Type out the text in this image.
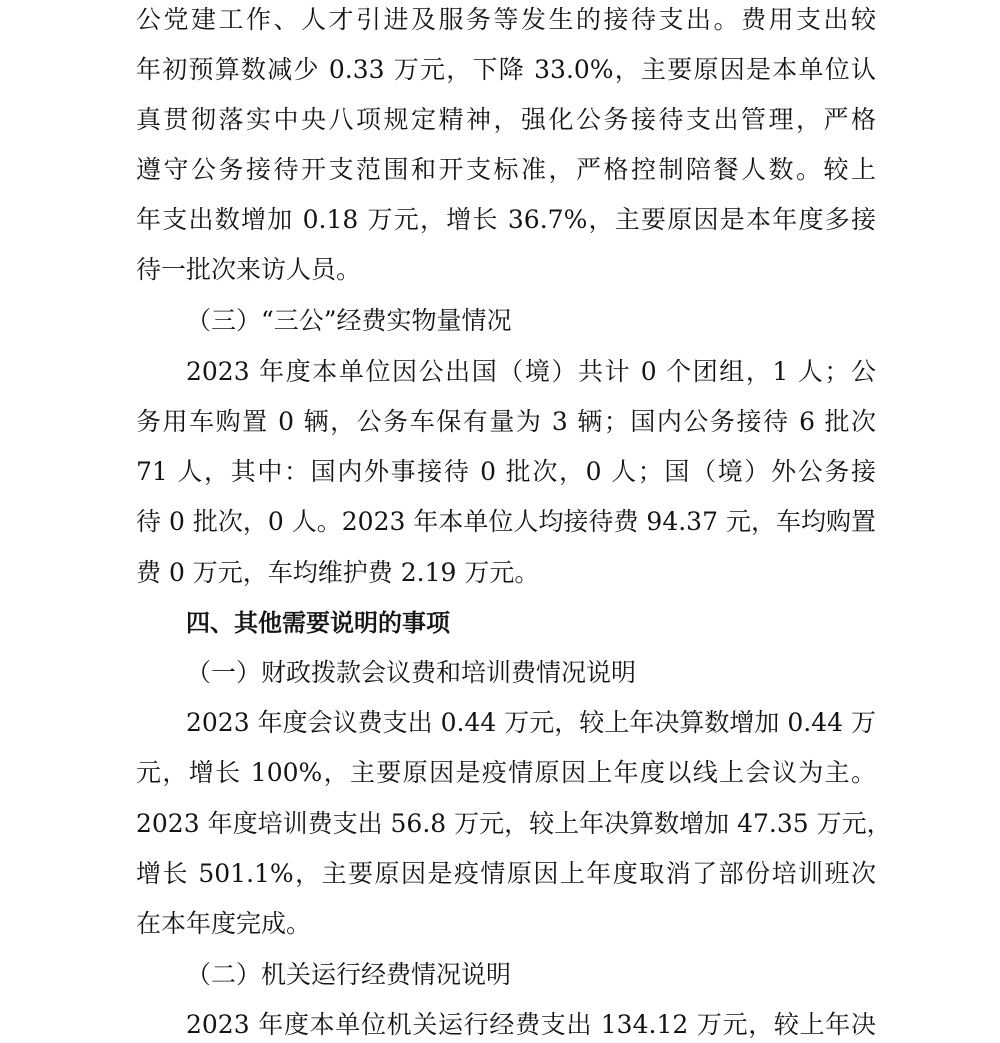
公党建工作、人才引进及服务等发生的接待支出。费用支出较
年初预算数减少 0.33 万元，下降 33.0%，主要原因是本单位认
真贯彻落实中央八项规定精神，强化公务接待支出管理，严格
遵守公务接待开支范围和开支标准，严格控制陪餐人数。较上
年支出数增加 0.18 万元，增长 36.7%，主要原因是本年度多接
待一批次来访人员。
（三）“三公”经费实物量情况
2023 年度本单位因公出国（境）共计 0 个团组，1 人；公
务用车购置 0 辆，公务车保有量为 3 辆；国内公务接待 6 批次
71 人，其中：国内外事接待 0 批次，0 人；国（境）外公务接
待 0 批次，0 人。2023 年本单位人均接待费 94.37 元，车均购置
费 0 万元，车均维护费 2.19 万元。
四、其他需要说明的事项
（一）财政拨款会议费和培训费情况说明
2023 年度会议费支出 0.44 万元，较上年决算数增加 0.44 万
元，增长 100%，主要原因是疫情原因上年度以线上会议为主。
2023 年度培训费支出 56.8 万元，较上年决算数增加 47.35 万元，
增长 501.1%，主要原因是疫情原因上年度取消了部份培训班次
在本年度完成。
（二）机关运行经费情况说明
2023 年度本单位机关运行经费支出 134.12 万元，较上年决
